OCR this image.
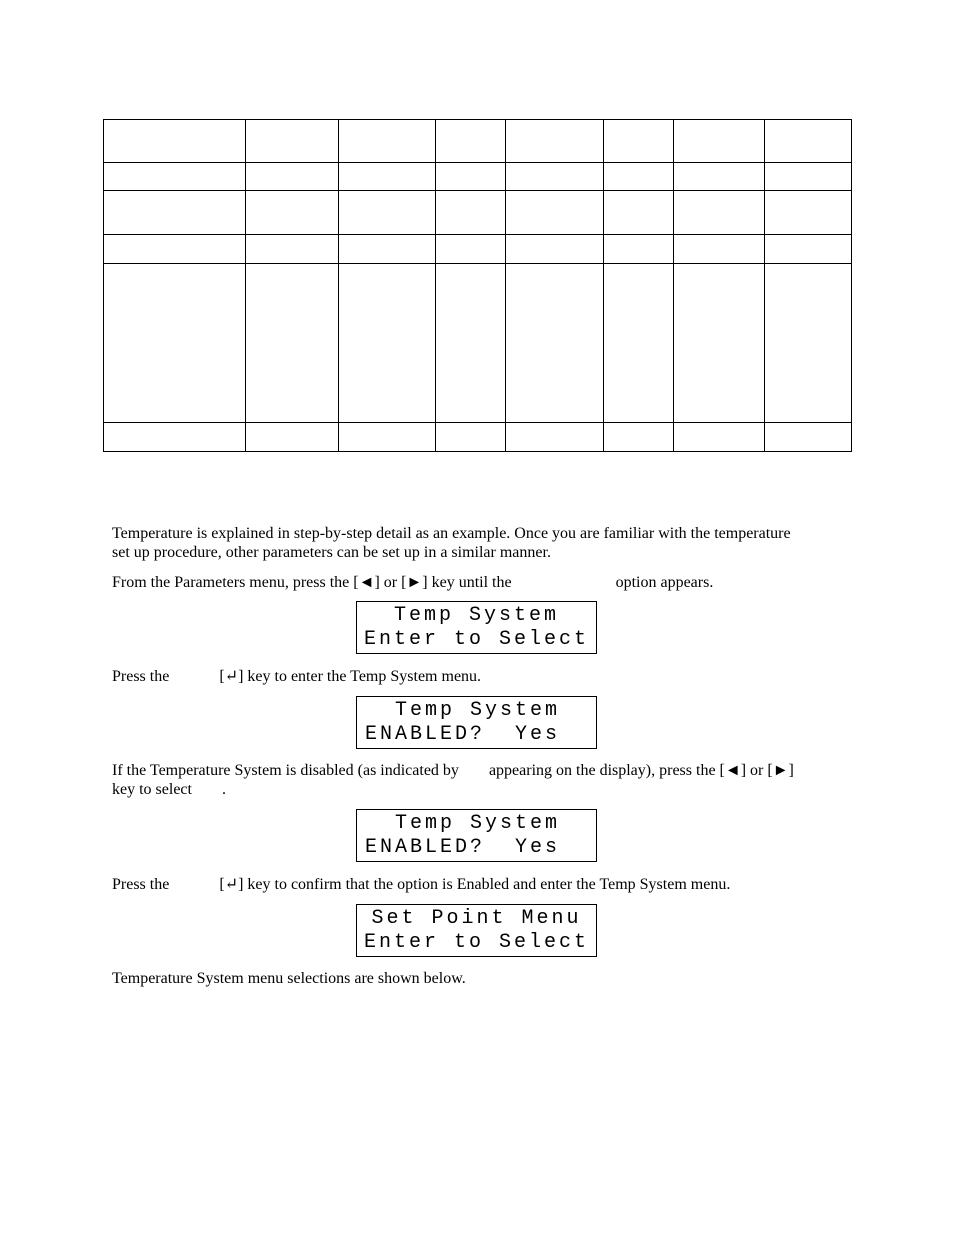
Temperature is explained in step-by-step detail as an example. Once you are familiar with the temperature
set up procedure, other parameters can be set up in a similar manner.

From the Parameters menu, press the [◄] or [►] key until the	option appears.

Temp System
Enter to Select

Press the	[↵] key to enter the Temp System menu.

Temp System
ENABLED?  Yes

If the Temperature System is disabled (as indicated by appearing on the display), press the [◄] or [►]
key to select .

Temp System
ENABLED?  Yes

Press the	[↵] key to confirm that the option is Enabled and enter the Temp System menu.

Set Point Menu
Enter to Select

Temperature System menu selections are shown below.
